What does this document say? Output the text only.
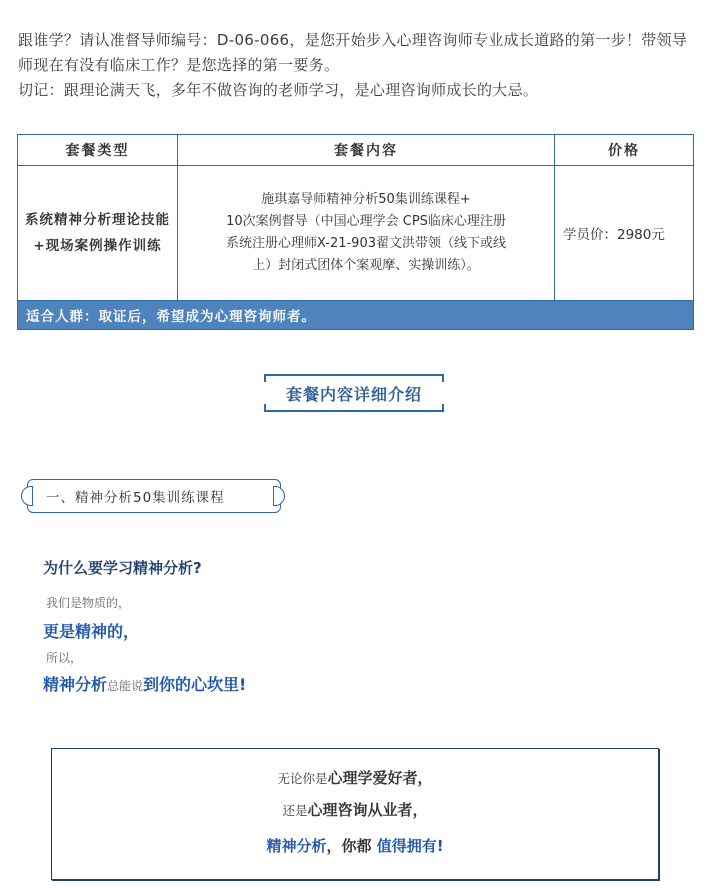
跟谁学？请认准督导师编号：D-06-066，是您开始步入心理咨询师专业成长道路的第一步！带领导师现在有没有临床工作？是您选择的第一要务。

切记：跟理论满天飞，多年不做咨询的老师学习，是心理咨询师成长的大忌。

套餐类型	套餐内容	价格
系统精神分析理论技能+现场案例操作训练	施琪嘉导师精神分析50集训练课程+
10次案例督导（中国心理学会 CPS临床心理注册
系统注册心理师X-21-903翟文洪带领（线下或线
上）封闭式团体个案观摩、实操训练）。	学员价：2980元
适合人群：取证后，希望成为心理咨询师者。		
套餐内容详细介绍
一、精神分析50集训练课程
为什么要学习精神分析?
我们是物质的，
更是精神的，
所以，
精神分析总能说到你的心坎里!
无论你是心理学爱好者，
还是心理咨询从业者，
精神分析，你都 值得拥有!
